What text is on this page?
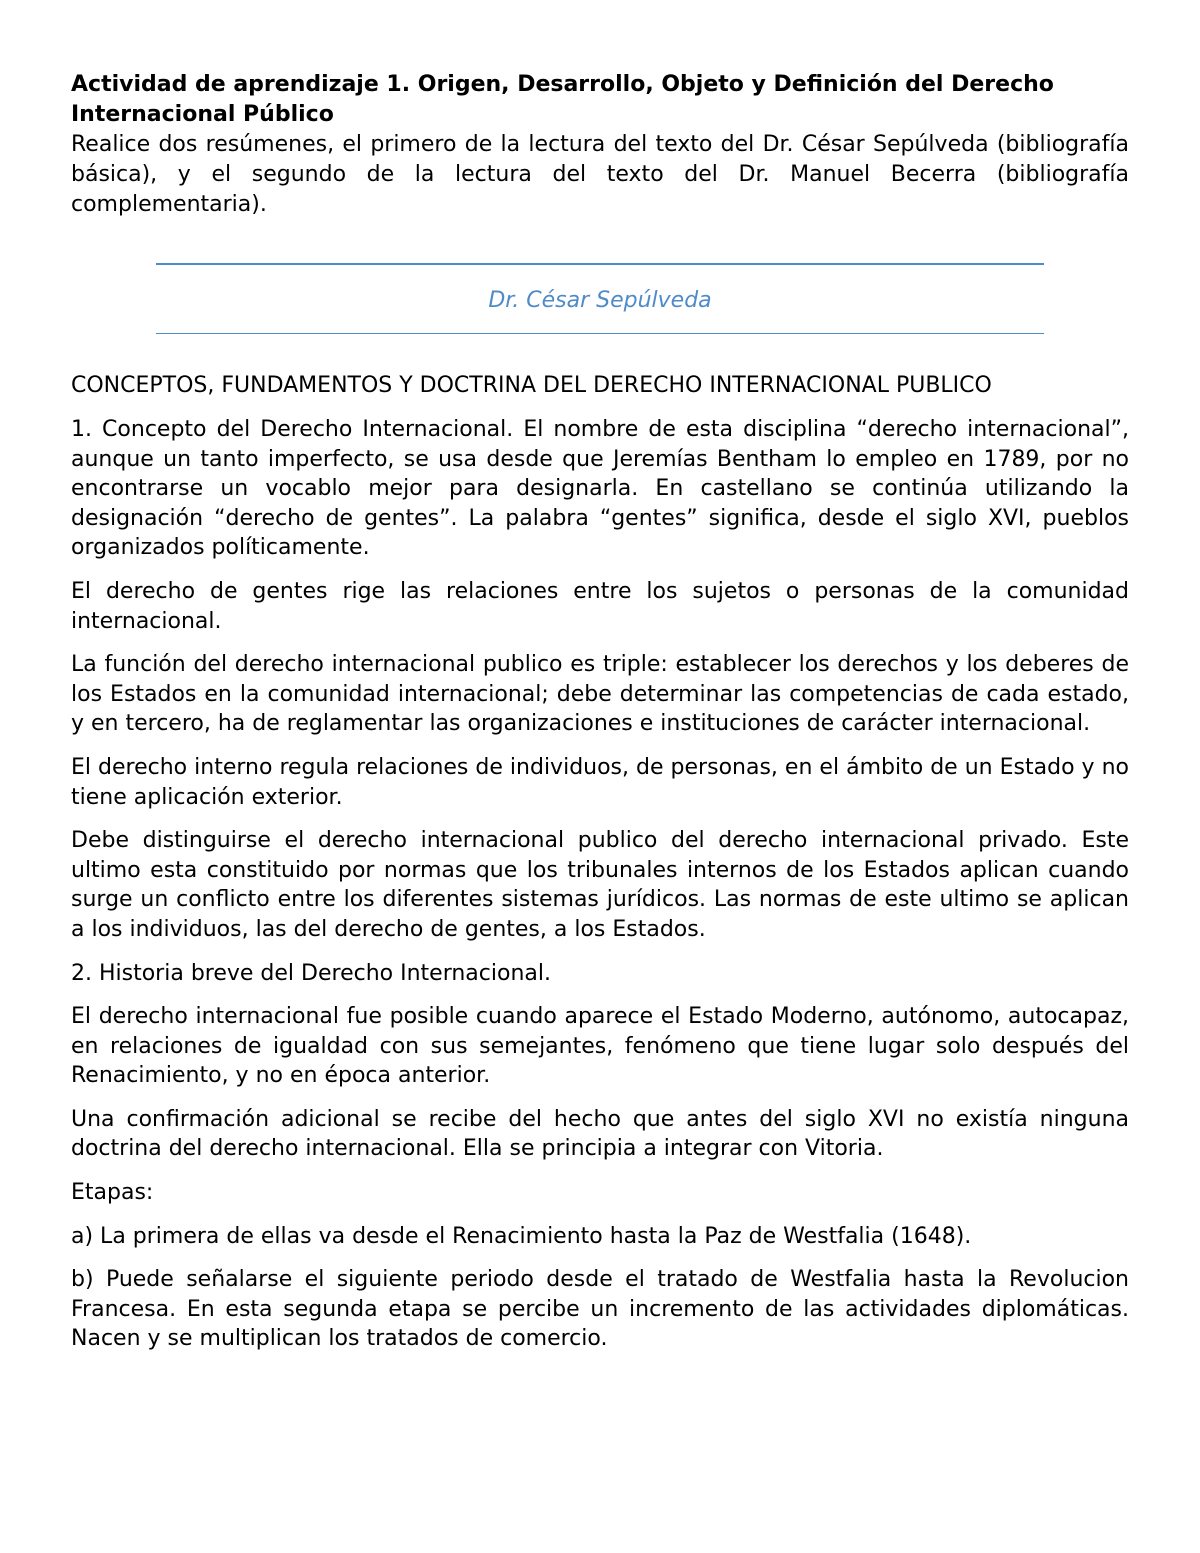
Actividad de aprendizaje 1. Origen, Desarrollo, Objeto y Definición del Derecho Internacional Público

Realice dos resúmenes, el primero de la lectura del texto del Dr. César Sepúlveda (bibliografía básica), y el segundo de la lectura del texto del Dr. Manuel Becerra (bibliografía complementaria).

Dr. César Sepúlveda

CONCEPTOS, FUNDAMENTOS Y DOCTRINA DEL DERECHO INTERNACIONAL PUBLICO

1. Concepto del Derecho Internacional. El nombre de esta disciplina “derecho internacional”, aunque un tanto imperfecto, se usa desde que Jeremías Bentham lo empleo en 1789, por no encontrarse un vocablo mejor para designarla. En castellano se continúa utilizando la designación “derecho de gentes”. La palabra “gentes” significa, desde el siglo XVI, pueblos organizados políticamente.

El derecho de gentes rige las relaciones entre los sujetos o personas de la comunidad internacional.

La función del derecho internacional publico es triple: establecer los derechos y los deberes de los Estados en la comunidad internacional; debe determinar las competencias de cada estado, y en tercero, ha de reglamentar las organizaciones e instituciones de carácter internacional.

El derecho interno regula relaciones de individuos, de personas, en el ámbito de un Estado y no tiene aplicación exterior.

Debe distinguirse el derecho internacional publico del derecho internacional privado. Este ultimo esta constituido por normas que los tribunales internos de los Estados aplican cuando surge un conflicto entre los diferentes sistemas jurídicos. Las normas de este ultimo se aplican a los individuos, las del derecho de gentes, a los Estados.

2. Historia breve del Derecho Internacional.

El derecho internacional fue posible cuando aparece el Estado Moderno, autónomo, autocapaz, en relaciones de igualdad con sus semejantes, fenómeno que tiene lugar solo después del Renacimiento, y no en época anterior.

Una confirmación adicional se recibe del hecho que antes del siglo XVI no existía ninguna doctrina del derecho internacional. Ella se principia a integrar con Vitoria.

Etapas:

a) La primera de ellas va desde el Renacimiento hasta la Paz de Westfalia (1648).

b) Puede señalarse el siguiente periodo desde el tratado de Westfalia hasta la Revolucion Francesa. En esta segunda etapa se percibe un incremento de las actividades diplomáticas. Nacen y se multiplican los tratados de comercio.
